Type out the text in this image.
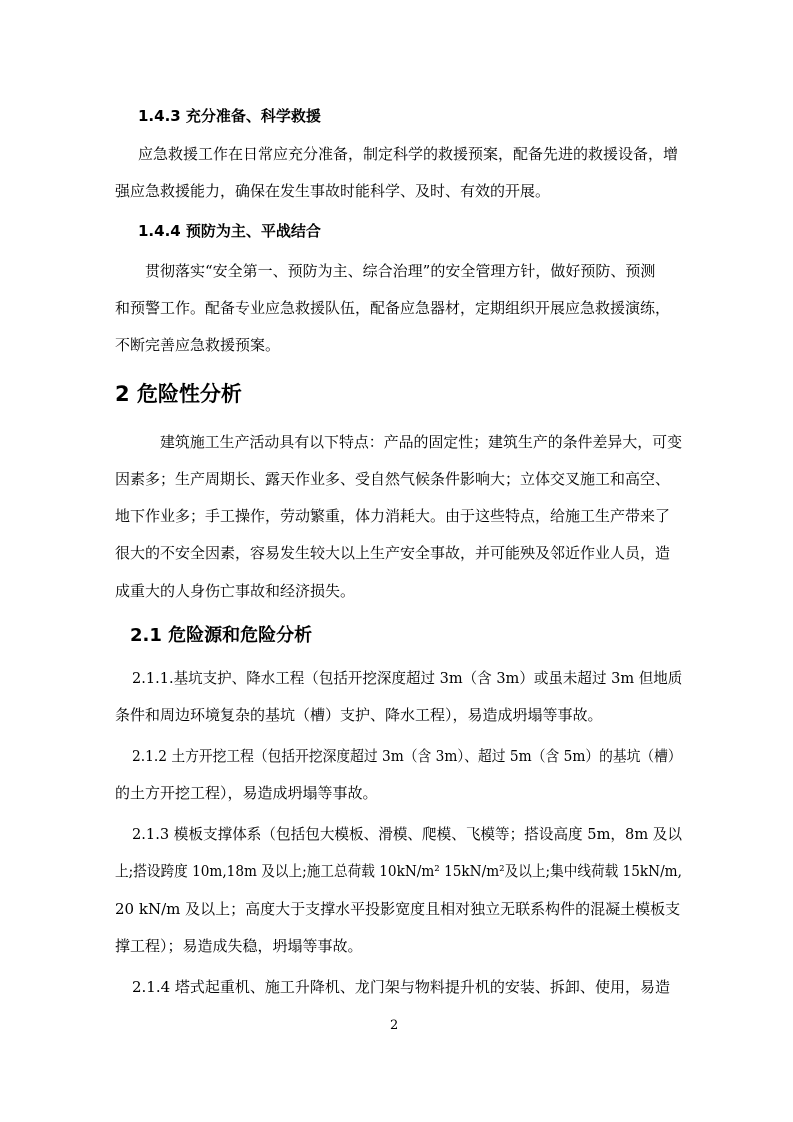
1.4.3 充分准备、科学救援
应急救援工作在日常应充分准备，制定科学的救援预案，配备先进的救援设备，增
强应急救援能力，确保在发生事故时能科学、及时、有效的开展。
1.4.4 预防为主、平战结合
贯彻落实“安全第一、预防为主、综合治理”的安全管理方针，做好预防、预测
和预警工作。配备专业应急救援队伍，配备应急器材，定期组织开展应急救援演练，
不断完善应急救援预案。
2 危险性分析
建筑施工生产活动具有以下特点：产品的固定性；建筑生产的条件差异大，可变
因素多；生产周期长、露天作业多、受自然气候条件影响大；立体交叉施工和高空、
地下作业多；手工操作，劳动繁重，体力消耗大。由于这些特点，给施工生产带来了
很大的不安全因素，容易发生较大以上生产安全事故，并可能殃及邻近作业人员，造
成重大的人身伤亡事故和经济损失。
2.1 危险源和危险分析
2.1.1.基坑支护、降水工程（包括开挖深度超过 3m（含 3m）或虽未超过 3m 但地质
条件和周边环境复杂的基坑（槽）支护、降水工程），易造成坍塌等事故。
2.1.2 土方开挖工程（包括开挖深度超过 3m（含 3m）、超过 5m（含 5m）的基坑（槽）
的土方开挖工程），易造成坍塌等事故。
2.1.3 模板支撑体系（包括包大模板、滑模、爬模、飞模等；搭设高度 5m，8m 及以
上;搭设跨度 10m,18m 及以上;施工总荷载 10kN/m² 15kN/m²及以上;集中线荷载 15kN/m,
20 kN/m 及以上；高度大于支撑水平投影宽度且相对独立无联系构件的混凝土模板支
撑工程）；易造成失稳，坍塌等事故。
2.1.4 塔式起重机、施工升降机、龙门架与物料提升机的安装、拆卸、使用，易造
2
